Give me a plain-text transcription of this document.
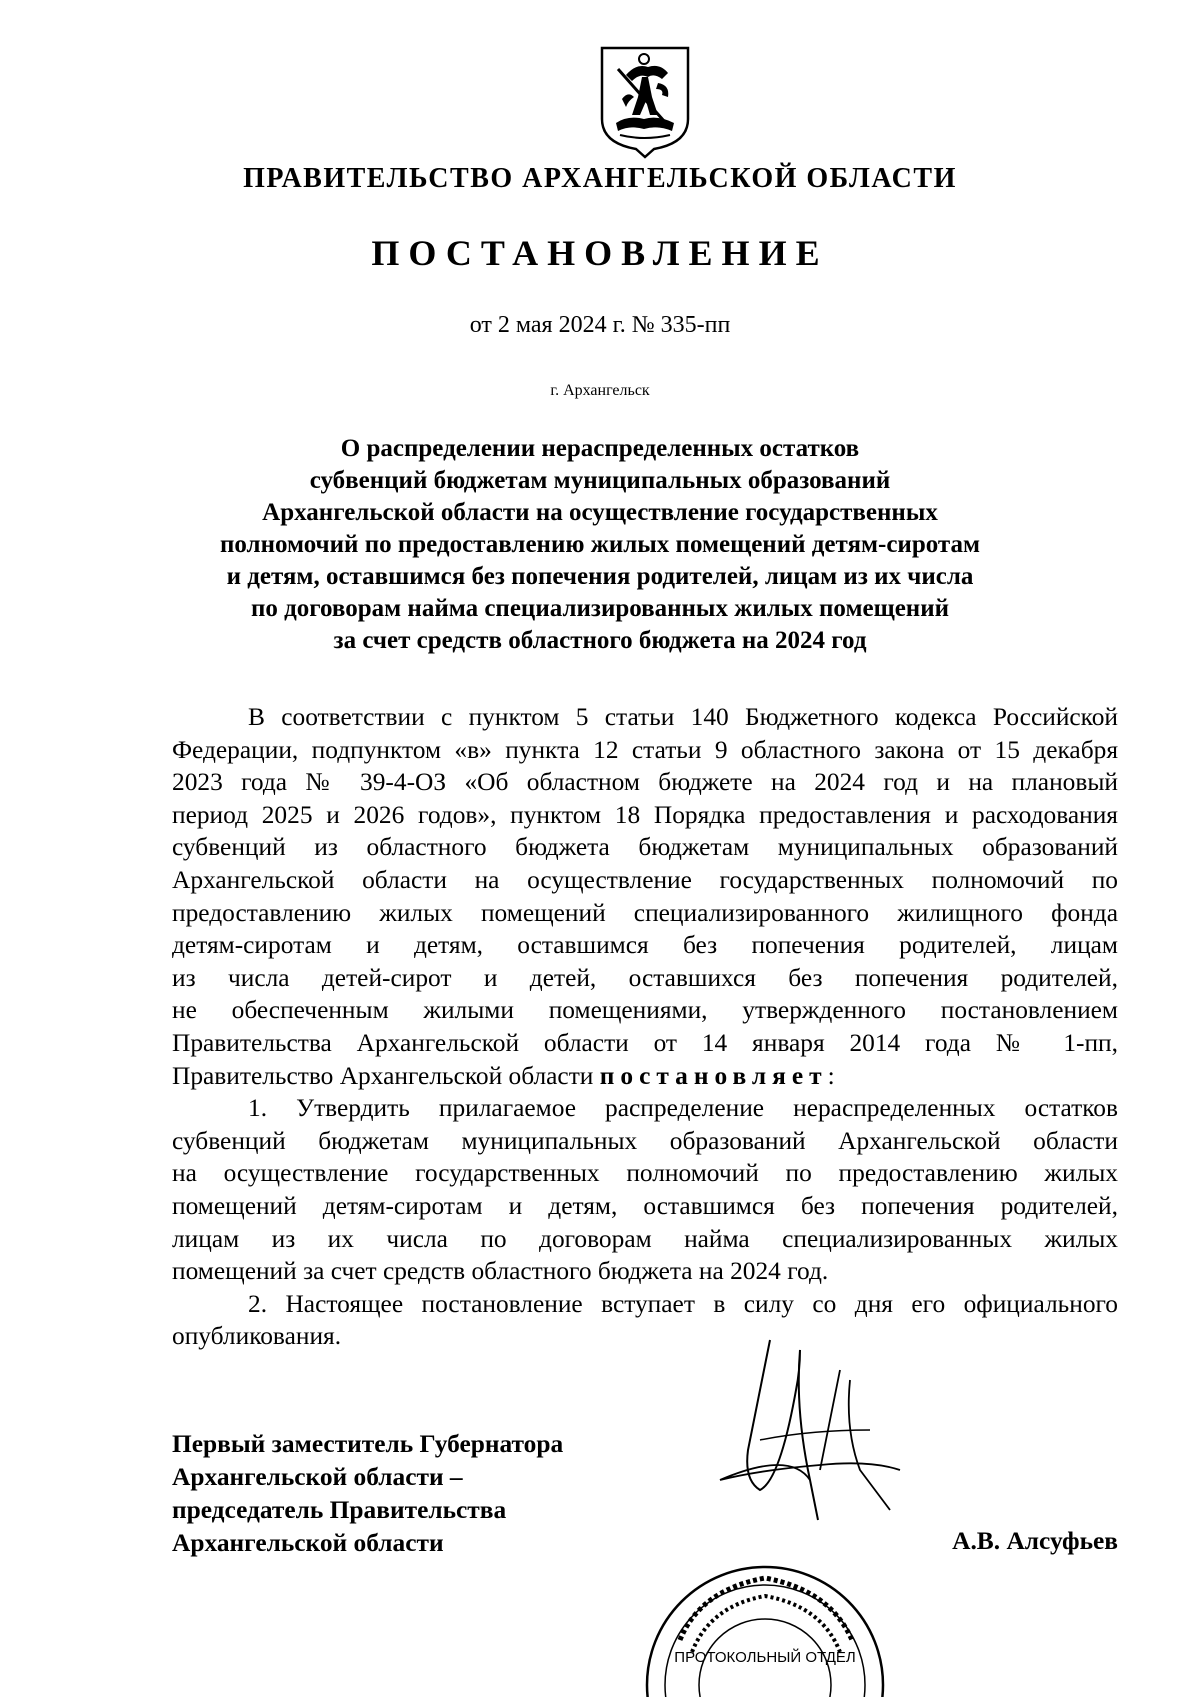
ПРАВИТЕЛЬСТВО АРХАНГЕЛЬСКОЙ ОБЛАСТИ
ПОСТАНОВЛЕНИЕ
от 2 мая 2024 г. № 335-пп
г. Архангельск
О распределении нераспределенных остатков
субвенций бюджетам муниципальных образований
Архангельской области на осуществление государственных
полномочий по предоставлению жилых помещений детям-сиротам
и детям, оставшимся без попечения родителей, лицам из их числа
по договорам найма специализированных жилых помещений
за счет средств областного бюджета на 2024 год
В соответствии с пунктом 5 статьи 140 Бюджетного кодекса Российской
Федерации, подпунктом «в» пункта 12 статьи 9 областного закона от 15 декабря
2023 года № 39-4-ОЗ «Об областном бюджете на 2024 год и на плановый
период 2025 и 2026 годов», пунктом 18 Порядка предоставления и расходования
субвенций из областного бюджета бюджетам муниципальных образований
Архангельской области на осуществление государственных полномочий по
предоставлению жилых помещений специализированного жилищного фонда
детям-сиротам и детям, оставшимся без попечения родителей, лицам
из числа детей-сирот и детей, оставшихся без попечения родителей,
не обеспеченным жилыми помещениями, утвержденного постановлением
Правительства Архангельской области от 14 января 2014 года № 1-пп,
Правительство Архангельской области постановляет:
1. Утвердить прилагаемое распределение нераспределенных остатков
субвенций бюджетам муниципальных образований Архангельской области
на осуществление государственных полномочий по предоставлению жилых
помещений детям-сиротам и детям, оставшимся без попечения родителей,
лицам из их числа по договорам найма специализированных жилых
помещений за счет средств областного бюджета на 2024 год.
2. Настоящее постановление вступает в силу со дня его официального
опубликования.
Первый заместитель Губернатора
Архангельской области –
председатель Правительства
Архангельской области	А.В. Алсуфьев
ПРОТОКОЛЬНЫЙ ОТДЕЛ
